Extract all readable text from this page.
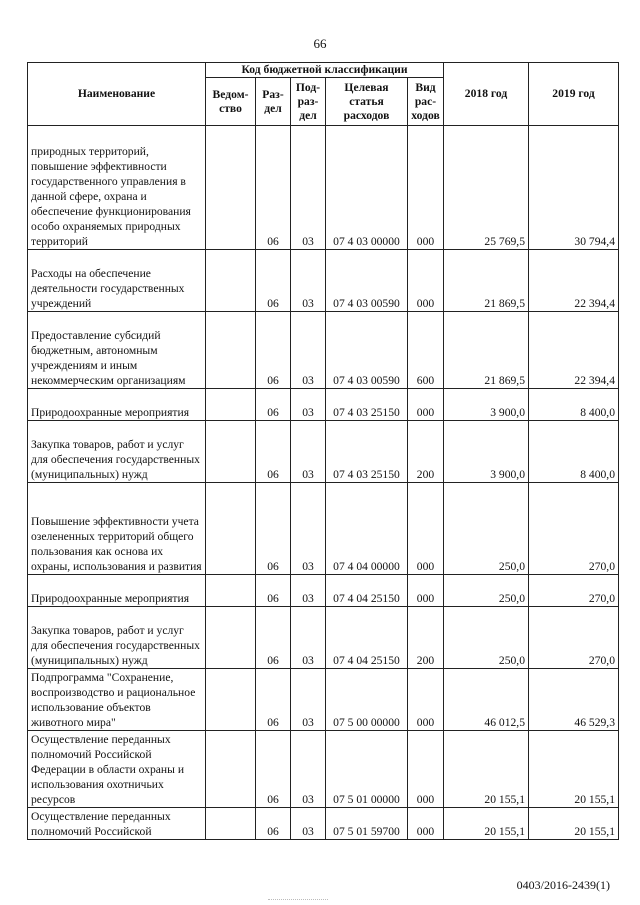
66
Наименование	Код бюджетной классификации					2018 год	2019 год
	Ведом-ство	Раз-дел	Под-раз-дел	Целевая статья расходов	Вид рас-ходов		
природных территорий, повышение эффективности государственного управления в данной сфере, охрана и обеспечение функционирования особо охраняемых природных территорий		06	03	07 4 03 00000	000	25 769,5	30 794,4
Расходы на обеспечение деятельности государственных учреждений		06	03	07 4 03 00590	000	21 869,5	22 394,4
Предоставление субсидий бюджетным, автономным учреждениям и иным некоммерческим организациям		06	03	07 4 03 00590	600	21 869,5	22 394,4
Природоохранные мероприятия		06	03	07 4 03 25150	000	3 900,0	8 400,0
Закупка товаров, работ и услуг для обеспечения государственных (муниципальных) нужд		06	03	07 4 03 25150	200	3 900,0	8 400,0
Повышение эффективности учета озелененных территорий общего пользования как основа их охраны, использования и развития		06	03	07 4 04 00000	000	250,0	270,0
Природоохранные мероприятия		06	03	07 4 04 25150	000	250,0	270,0
Закупка товаров, работ и услуг для обеспечения государственных (муниципальных) нужд		06	03	07 4 04 25150	200	250,0	270,0
Подпрограмма "Сохранение, воспроизводство и рациональное использование объектов животного мира"		06	03	07 5 00 00000	000	46 012,5	46 529,3
Осуществление переданных полномочий Российской Федерации в области охраны и использования охотничьих ресурсов		06	03	07 5 01 00000	000	20 155,1	20 155,1
Осуществление переданных полномочий Российской		06	03	07 5 01 59700	000	20 155,1	20 155,1
0403/2016-2439(1)
